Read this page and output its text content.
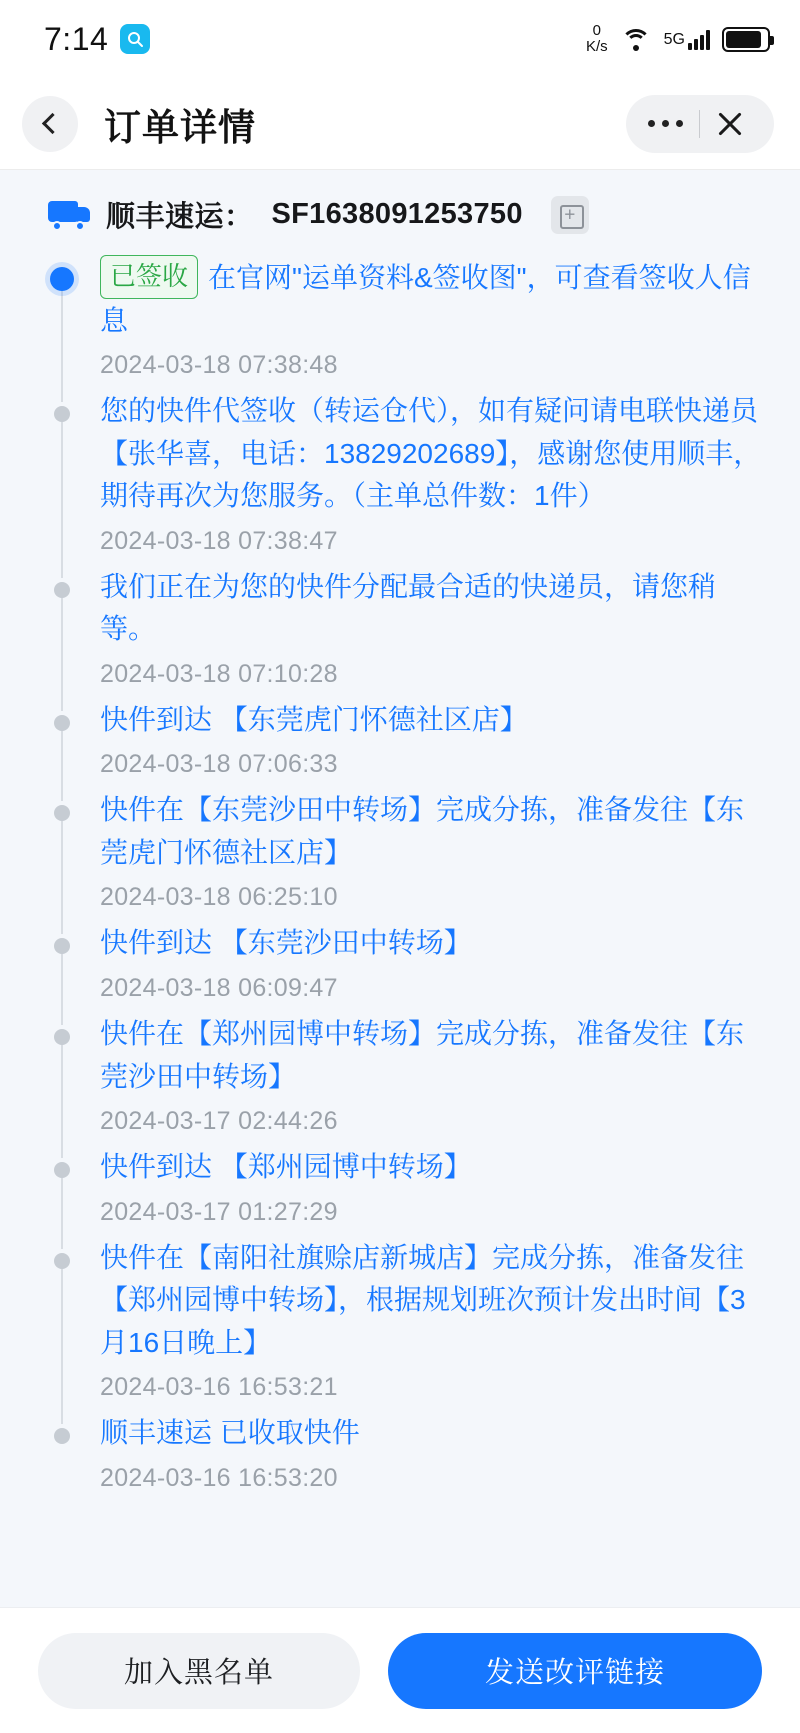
7:14	0
K/s	5G
订单详情
顺丰速运： SF1638091253750
+
已签收 在官网"运单资料&签收图"，可查看签收人信息
2024-03-18 07:38:48
您的快件代签收（转运仓代），如有疑问请电联快递员【张华喜，电话：13829202689】，感谢您使用顺丰，期待再次为您服务。（主单总件数：1件）
2024-03-18 07:38:47
我们正在为您的快件分配最合适的快递员，请您稍等。
2024-03-18 07:10:28
快件到达 【东莞虎门怀德社区店】
2024-03-18 07:06:33
快件在【东莞沙田中转场】完成分拣，准备发往【东莞虎门怀德社区店】
2024-03-18 06:25:10
快件到达 【东莞沙田中转场】
2024-03-18 06:09:47
快件在【郑州园博中转场】完成分拣，准备发往【东莞沙田中转场】
2024-03-17 02:44:26
快件到达 【郑州园博中转场】
2024-03-17 01:27:29
快件在【南阳社旗赊店新城店】完成分拣，准备发往 【郑州园博中转场】，根据规划班次预计发出时间【3月16日晚上】
2024-03-16 16:53:21
顺丰速运 已收取快件
2024-03-16 16:53:20
加入黑名单	发送改评链接
